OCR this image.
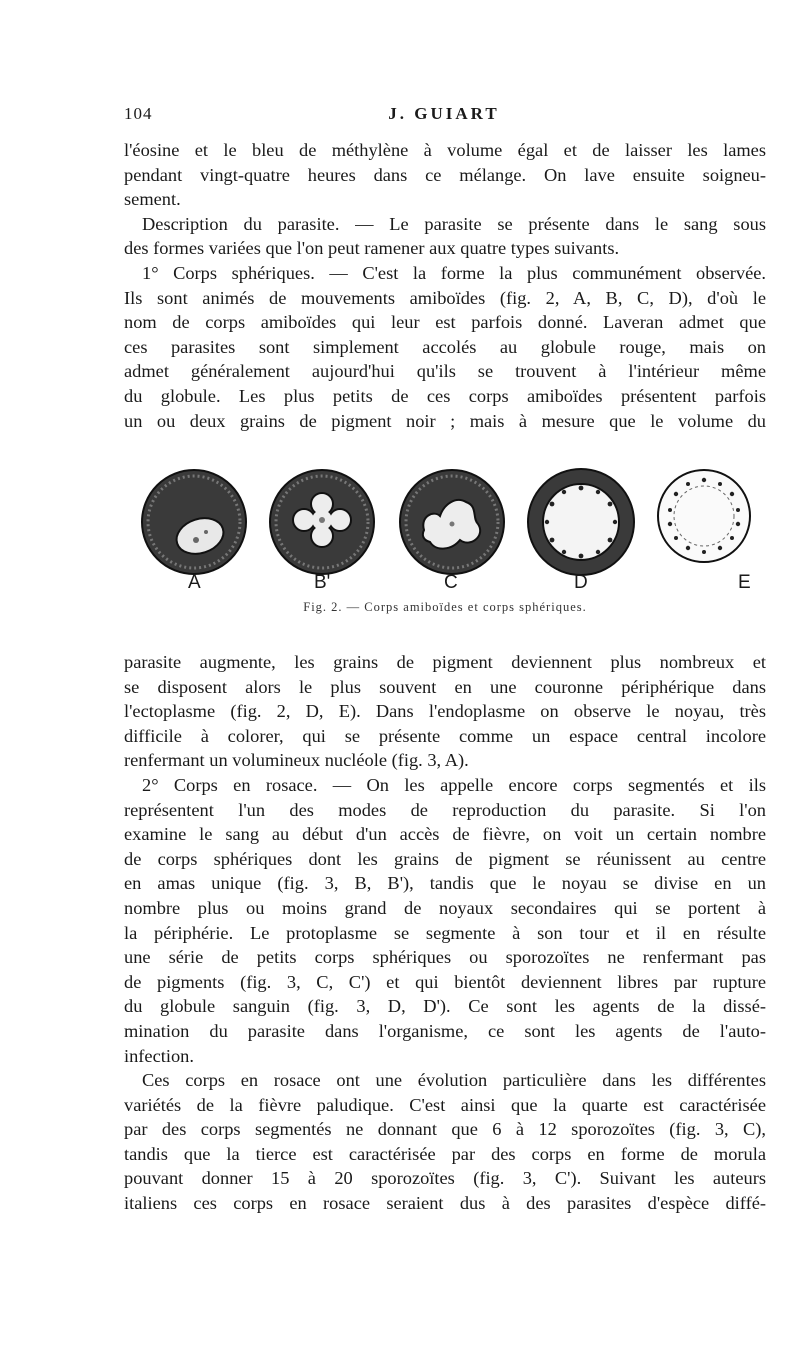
104	J. GUIART
l'éosine et le bleu de méthylène à volume égal et de laisser les lames
pendant vingt-quatre heures dans ce mélange. On lave ensuite soigneu-
sement.
Description du parasite. — Le parasite se présente dans le sang sous
des formes variées que l'on peut ramener aux quatre types suivants.
1° Corps sphériques. — C'est la forme la plus communément observée.
Ils sont animés de mouvements amiboïdes (fig. 2, A, B, C, D), d'où le
nom de corps amiboïdes qui leur est parfois donné. Laveran admet que
ces parasites sont simplement accolés au globule rouge, mais on
admet généralement aujourd'hui qu'ils se trouvent à l'intérieur même
du globule. Les plus petits de ces corps amiboïdes présentent parfois
un ou deux grains de pigment noir ; mais à mesure que le volume du
A	B'	C	D	E
Fig. 2. — Corps amiboïdes et corps sphériques.
parasite augmente, les grains de pigment deviennent plus nombreux et
se disposent alors le plus souvent en une couronne périphérique dans
l'ectoplasme (fig. 2, D, E). Dans l'endoplasme on observe le noyau, très
difficile à colorer, qui se présente comme un espace central incolore
renfermant un volumineux nucléole (fig. 3, A).
2° Corps en rosace. — On les appelle encore corps segmentés et ils
représentent l'un des modes de reproduction du parasite. Si l'on
examine le sang au début d'un accès de fièvre, on voit un certain nombre
de corps sphériques dont les grains de pigment se réunissent au centre
en amas unique (fig. 3, B, B'), tandis que le noyau se divise en un
nombre plus ou moins grand de noyaux secondaires qui se portent à
la périphérie. Le protoplasme se segmente à son tour et il en résulte
une série de petits corps sphériques ou sporozoïtes ne renfermant pas
de pigments (fig. 3, C, C') et qui bientôt deviennent libres par rupture
du globule sanguin (fig. 3, D, D'). Ce sont les agents de la dissé-
mination du parasite dans l'organisme, ce sont les agents de l'auto-
infection.
Ces corps en rosace ont une évolution particulière dans les différentes
variétés de la fièvre paludique. C'est ainsi que la quarte est caractérisée
par des corps segmentés ne donnant que 6 à 12 sporozoïtes (fig. 3, C),
tandis que la tierce est caractérisée par des corps en forme de morula
pouvant donner 15 à 20 sporozoïtes (fig. 3, C'). Suivant les auteurs
italiens ces corps en rosace seraient dus à des parasites d'espèce diffé-
